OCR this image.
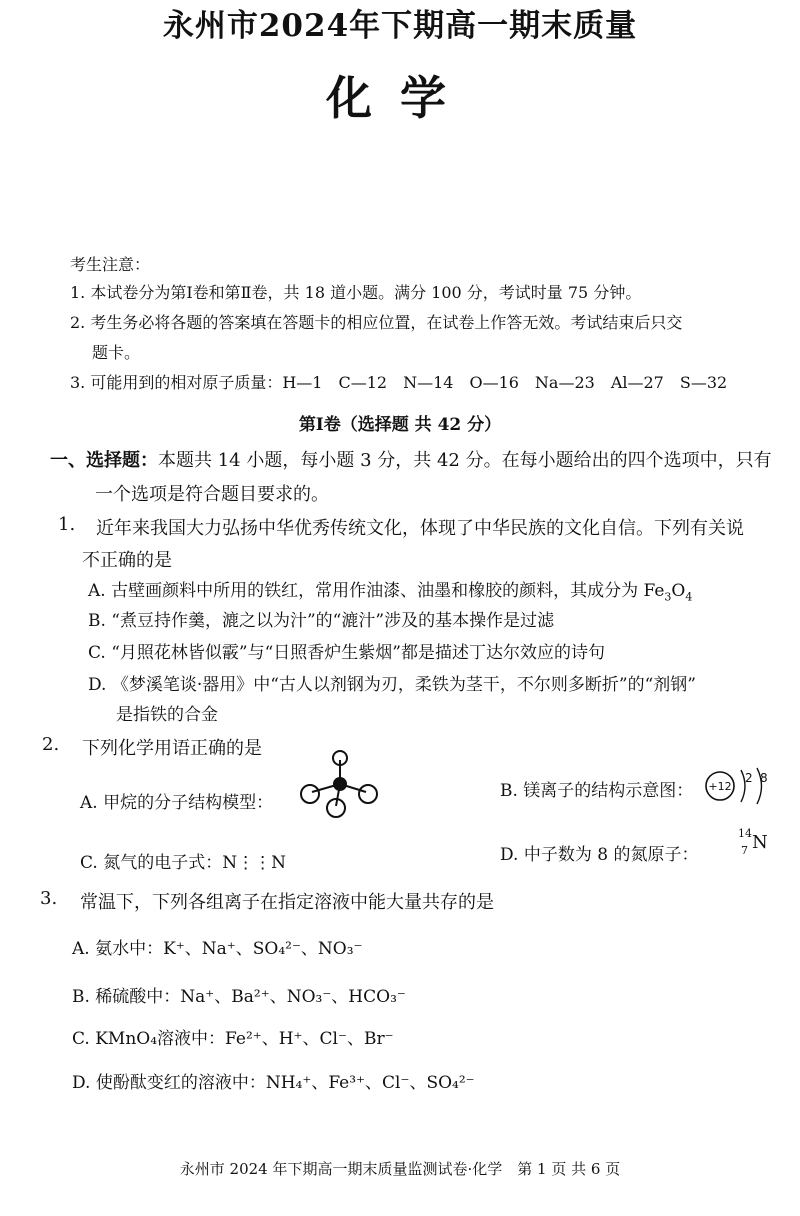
永州市2024年下期高一期末质量
化学
考生注意：
1. 本试卷分为第Ⅰ卷和第Ⅱ卷，共 18 道小题。满分 100 分，考试时量 75 分钟。
2. 考生务必将各题的答案填在答题卡的相应位置，在试卷上作答无效。考试结束后只交
题卡。
3. 可能用到的相对原子质量：H—1　C—12　N—14　O—16　Na—23　Al—27　S—32
第Ⅰ卷（选择题 共 42 分）
一、选择题：本题共 14 小题，每小题 3 分，共 42 分。在每小题给出的四个选项中，只有
一个选项是符合题目要求的。
1. 近年来我国大力弘扬中华优秀传统文化，体现了中华民族的文化自信。下列有关说
不正确的是
A. 古壁画颜料中所用的铁红，常用作油漆、油墨和橡胶的颜料，其成分为 $Fe_3O_4$
B. “煮豆持作羹，漉之以为汁”的“漉汁”涉及的基本操作是过滤
C. “月照花林皆似霰”与“日照香炉生紫烟”都是描述丁达尔效应的诗句
D. 《梦溪笔谈·器用》中“古人以剂钢为刃，柔铁为茎干，不尔则多断折”的“剂钢”
是指铁的合金
2. 下列化学用语正确的是
A. 甲烷的分子结构模型：
B. 镁离子的结构示意图： +12
2 8
C. 氮气的电子式：N⋮⋮N	D. 中子数为 8 的氮原子：
14
7 N
3. 常温下，下列各组离子在指定溶液中能大量共存的是
A. 氨水中：K⁺、Na⁺、SO₄²⁻、NO₃⁻
B. 稀硫酸中：Na⁺、Ba²⁺、NO₃⁻、HCO₃⁻
C. KMnO₄溶液中：Fe²⁺、H⁺、Cl⁻、Br⁻
D. 使酚酞变红的溶液中：NH₄⁺、Fe³⁺、Cl⁻、SO₄²⁻
永州市 2024 年下期高一期末质量监测试卷·化学　第 1 页 共 6 页
